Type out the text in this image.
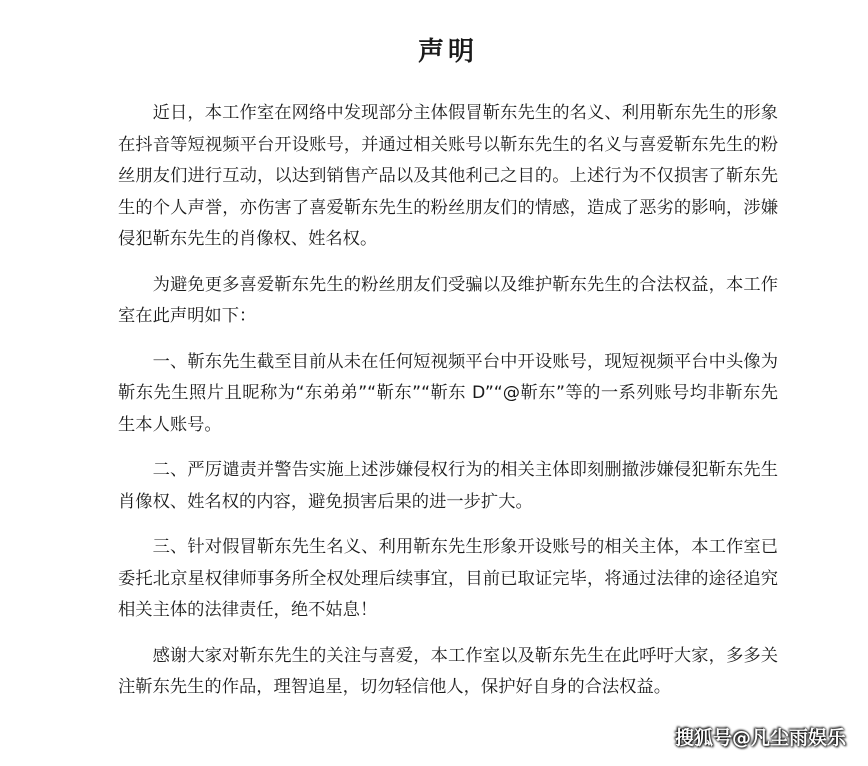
声明

近日，本工作室在网络中发现部分主体假冒靳东先生的名义、利用靳东先生的形象在抖音等短视频平台开设账号，并通过相关账号以靳东先生的名义与喜爱靳东先生的粉丝朋友们进行互动，以达到销售产品以及其他利己之目的。上述行为不仅损害了靳东先生的个人声誉，亦伤害了喜爱靳东先生的粉丝朋友们的情感，造成了恶劣的影响，涉嫌侵犯靳东先生的肖像权、姓名权。

为避免更多喜爱靳东先生的粉丝朋友们受骗以及维护靳东先生的合法权益，本工作室在此声明如下：

一、靳东先生截至目前从未在任何短视频平台中开设账号，现短视频平台中头像为靳东先生照片且昵称为“东弟弟”“靳东”“靳东 D”“@靳东”等的一系列账号均非靳东先生本人账号。

二、严厉谴责并警告实施上述涉嫌侵权行为的相关主体即刻删撤涉嫌侵犯靳东先生肖像权、姓名权的内容，避免损害后果的进一步扩大。

三、针对假冒靳东先生名义、利用靳东先生形象开设账号的相关主体，本工作室已委托北京星权律师事务所全权处理后续事宜，目前已取证完毕，将通过法律的途径追究相关主体的法律责任，绝不姑息！

感谢大家对靳东先生的关注与喜爱，本工作室以及靳东先生在此呼吁大家，多多关注靳东先生的作品，理智追星，切勿轻信他人，保护好自身的合法权益。

搜狐号@凡尘雨娱乐
